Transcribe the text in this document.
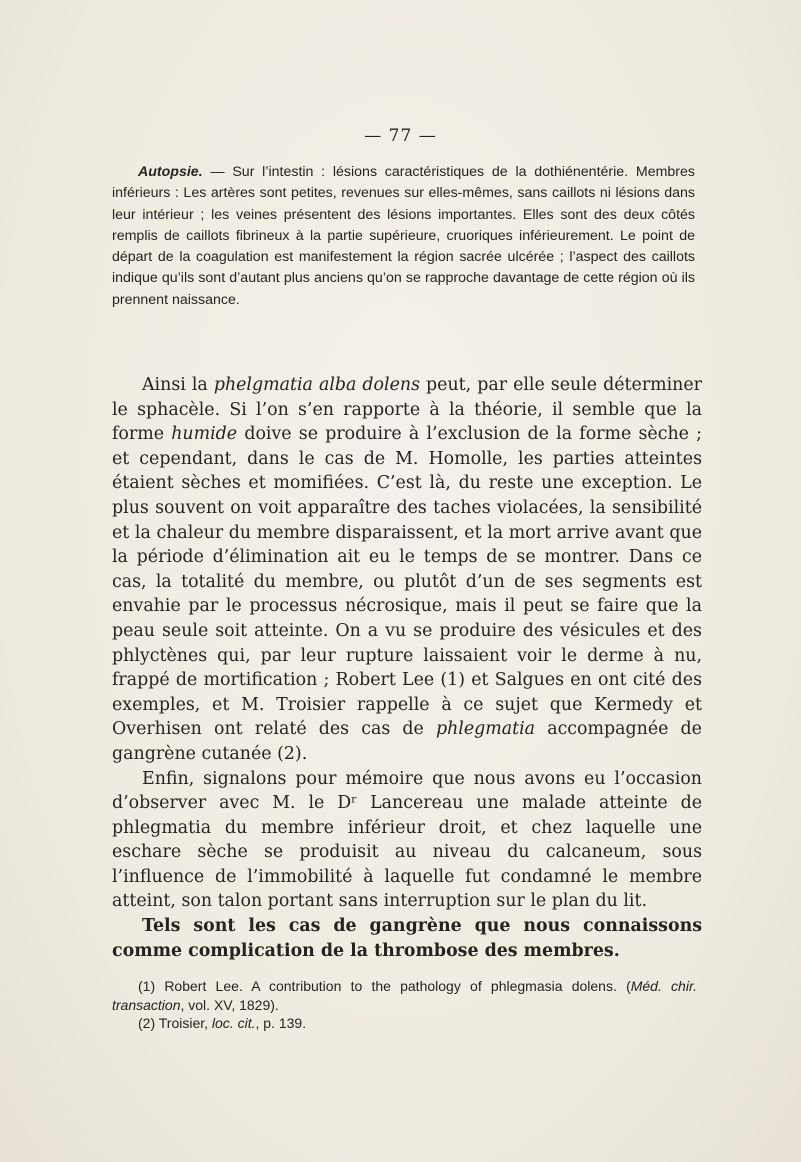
— 77 —

Autopsie. — Sur l’intestin : lésions caractéristiques de la dothiénentérie. Membres inférieurs : Les artères sont petites, revenues sur elles-mêmes, sans caillots ni lésions dans leur intérieur ; les veines présentent des lésions importantes. Elles sont des deux côtés remplis de caillots fibrineux à la partie supérieure, cruoriques inférieurement. Le point de départ de la coagulation est manifestement la région sacrée ulcérée ; l’aspect des caillots indique qu’ils sont d’autant plus anciens qu’on se rapproche davantage de cette région où ils prennent naissance.

Ainsi la phelgmatia alba dolens peut, par elle seule déterminer le sphacèle. Si l’on s’en rapporte à la théorie, il semble que la forme humide doive se produire à l’exclusion de la forme sèche ; et cependant, dans le cas de M. Homolle, les parties atteintes étaient sèches et momifiées. C’est là, du reste une exception. Le plus souvent on voit apparaître des taches violacées, la sensibilité et la chaleur du membre disparaissent, et la mort arrive avant que la période d’élimination ait eu le temps de se montrer. Dans ce cas, la totalité du membre, ou plutôt d’un de ses segments est envahie par le processus nécrosique, mais il peut se faire que la peau seule soit atteinte. On a vu se produire des vésicules et des phlyctènes qui, par leur rupture laissaient voir le derme à nu, frappé de mortification ; Robert Lee (1) et Salgues en ont cité des exemples, et M. Troisier rappelle à ce sujet que Kermedy et Overhisen ont relaté des cas de phlegmatia accompagnée de gangrène cutanée (2).

Enfin, signalons pour mémoire que nous avons eu l’occasion d’observer avec M. le Dʳ Lancereau une malade atteinte de phlegmatia du membre inférieur droit, et chez laquelle une eschare sèche se produisit au niveau du calcaneum, sous l’influence de l’immobilité à laquelle fut condamné le membre atteint, son talon portant sans interruption sur le plan du lit.

Tels sont les cas de gangrène que nous connaissons comme complication de la thrombose des membres.

(1) Robert Lee. A contribution to the pathology of phlegmasia dolens. (Méd. chir. transaction, vol. XV, 1829).

(2) Troisier, loc. cit., p. 139.
